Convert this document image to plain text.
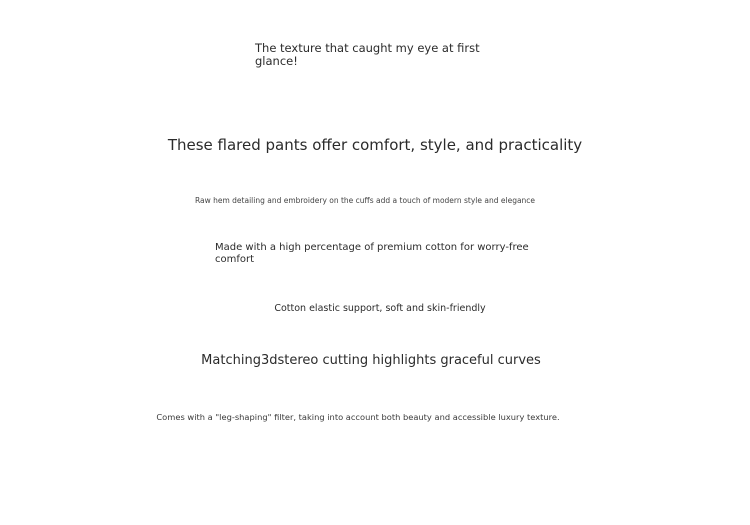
The texture that caught my eye at first glance!

These flared pants offer comfort, style, and practicality

Raw hem detailing and embroidery on the cuffs add a touch of modern style and elegance

Made with a high percentage of premium cotton for worry-free comfort

Cotton elastic support, soft and skin-friendly

Matching3dstereo cutting highlights graceful curves

Comes with a "leg-shaping" filter, taking into account both beauty and accessible luxury texture.
